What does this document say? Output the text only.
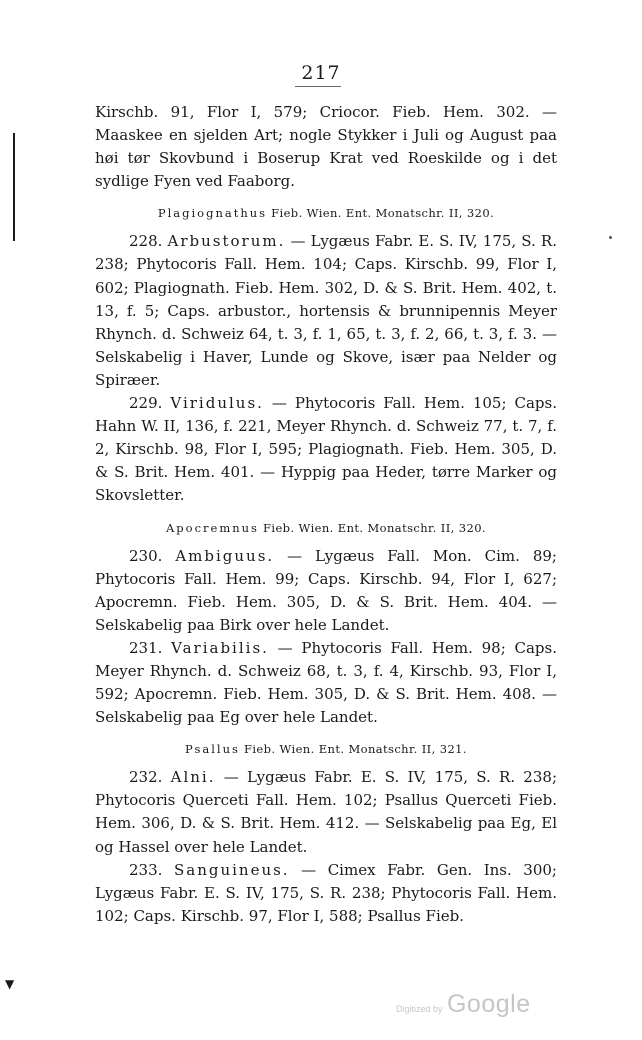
217
▼

Kirschb. 91, Flor I, 579; Criocor. Fieb. Hem. 302. — Maaskee en sjelden Art; nogle Stykker i Juli og August paa høi tør Skovbund i Boserup Krat ved Roeskilde og i det sydlige Fyen ved Faaborg.

Plagiognathus Fieb. Wien. Ent. Monatschr. II, 320.

228. Arbustorum. — Lygæus Fabr. E. S. IV, 175, S. R. 238; Phytocoris Fall. Hem. 104; Caps. Kirschb. 99, Flor I, 602; Plagiognath. Fieb. Hem. 302, D. & S. Brit. Hem. 402, t. 13, f. 5; Caps. arbustor., hortensis & brunnipennis Meyer Rhynch. d. Schweiz 64, t. 3, f. 1, 65, t. 3, f. 2, 66, t. 3, f. 3. — Selskabelig i Haver, Lunde og Skove, især paa Nelder og Spiræer.

229. Viridulus. — Phytocoris Fall. Hem. 105; Caps. Hahn W. II, 136, f. 221, Meyer Rhynch. d. Schweiz 77, t. 7, f. 2, Kirschb. 98, Flor I, 595; Plagiognath. Fieb. Hem. 305, D. & S. Brit. Hem. 401. — Hyppig paa Heder, tørre Marker og Skovsletter.

Apocremnus Fieb. Wien. Ent. Monatschr. II, 320.

230. Ambiguus. — Lygæus Fall. Mon. Cim. 89; Phytocoris Fall. Hem. 99; Caps. Kirschb. 94, Flor I, 627; Apocremn. Fieb. Hem. 305, D. & S. Brit. Hem. 404. — Selskabelig paa Birk over hele Landet.

231. Variabilis. — Phytocoris Fall. Hem. 98; Caps. Meyer Rhynch. d. Schweiz 68, t. 3, f. 4, Kirschb. 93, Flor I, 592; Apocremn. Fieb. Hem. 305, D. & S. Brit. Hem. 408. — Selskabelig paa Eg over hele Landet.

Psallus Fieb. Wien. Ent. Monatschr. II, 321.

232. Alni. — Lygæus Fabr. E. S. IV, 175, S. R. 238; Phytocoris Querceti Fall. Hem. 102; Psallus Querceti Fieb. Hem. 306, D. & S. Brit. Hem. 412. — Selskabelig paa Eg, El og Hassel over hele Landet.

233. Sanguineus. — Cimex Fabr. Gen. Ins. 300; Lygæus Fabr. E. S. IV, 175, S. R. 238; Phytocoris Fall. Hem. 102; Caps. Kirschb. 97, Flor I, 588; Psallus Fieb.

Digitized by Google
